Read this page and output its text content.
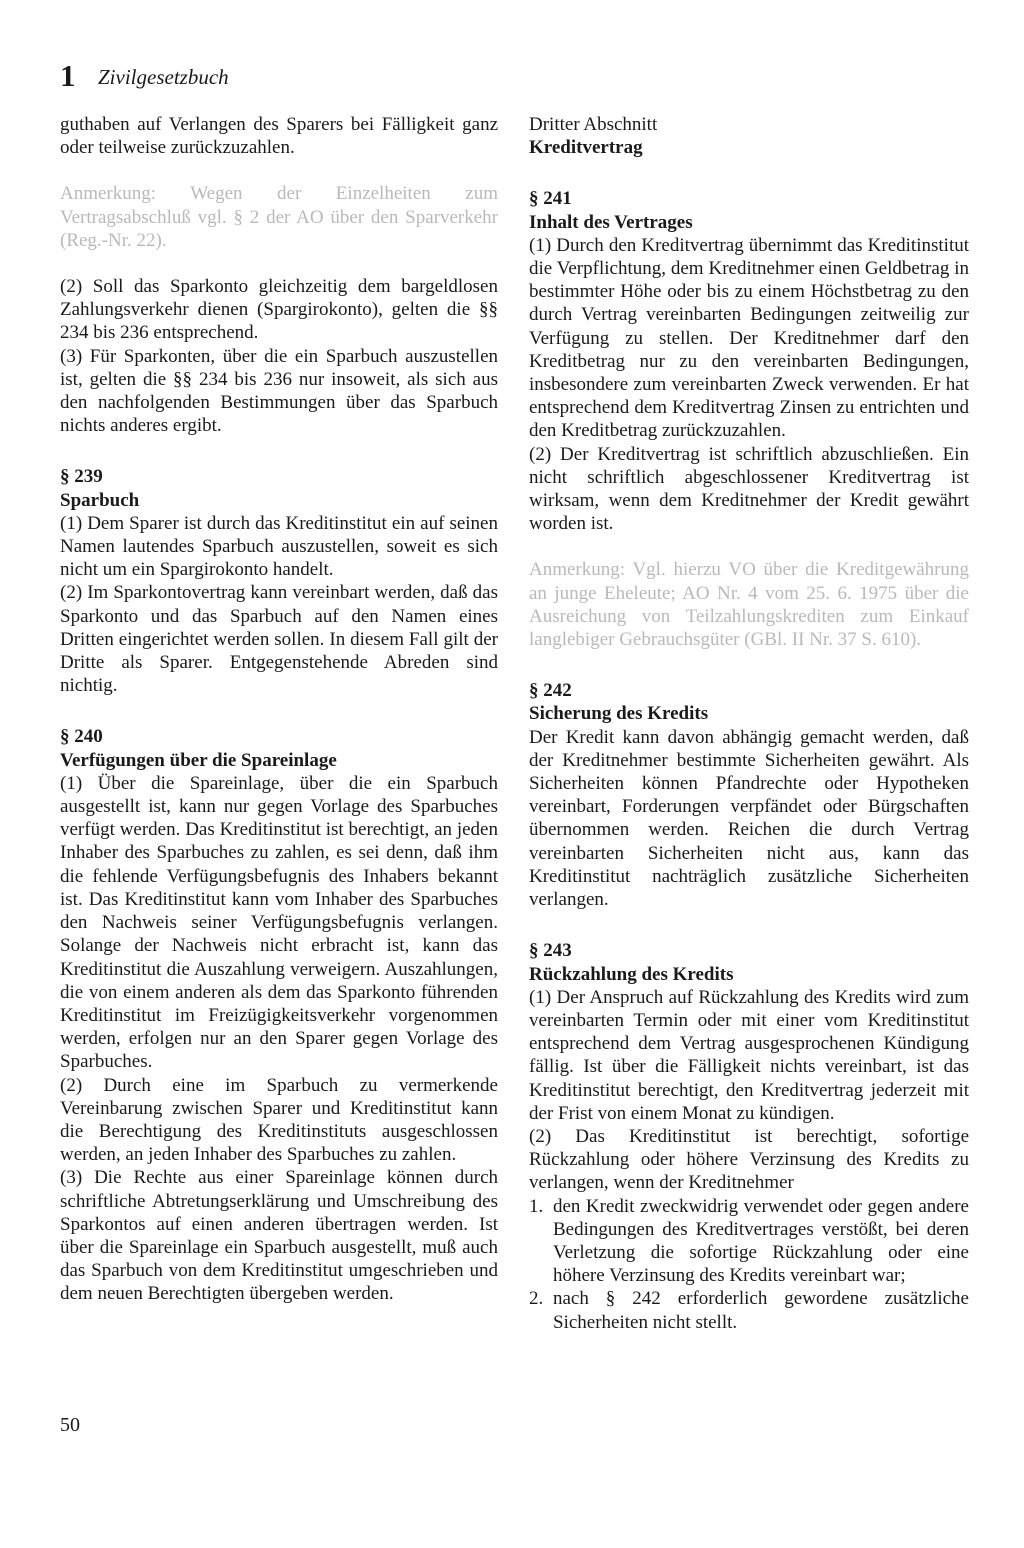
1 Zivilgesetzbuch

guthaben auf Verlangen des Sparers bei Fälligkeit ganz oder teilweise zurückzuzahlen.

Anmerkung: Wegen der Einzelheiten zum Vertragsabschluß vgl. § 2 der AO über den Sparverkehr (Reg.-Nr. 22).

(2) Soll das Sparkonto gleichzeitig dem bargeldlosen Zahlungsverkehr dienen (Spargirokonto), gelten die §§ 234 bis 236 entsprechend.

(3) Für Sparkonten, über die ein Sparbuch auszustellen ist, gelten die §§ 234 bis 236 nur insoweit, als sich aus den nachfolgenden Bestimmungen über das Sparbuch nichts anderes ergibt.

§ 239

Sparbuch

(1) Dem Sparer ist durch das Kreditinstitut ein auf seinen Namen lautendes Sparbuch auszustellen, soweit es sich nicht um ein Spargirokonto handelt.

(2) Im Sparkontovertrag kann vereinbart werden, daß das Sparkonto und das Sparbuch auf den Namen eines Dritten eingerichtet werden sollen. In diesem Fall gilt der Dritte als Sparer. Entgegenstehende Abreden sind nichtig.

§ 240

Verfügungen über die Spareinlage

(1) Über die Spareinlage, über die ein Sparbuch ausgestellt ist, kann nur gegen Vorlage des Sparbuches verfügt werden. Das Kreditinstitut ist berechtigt, an jeden Inhaber des Sparbuches zu zahlen, es sei denn, daß ihm die fehlende Verfügungsbefugnis des Inhabers bekannt ist. Das Kreditinstitut kann vom Inhaber des Sparbuches den Nachweis seiner Verfügungsbefugnis verlangen. Solange der Nachweis nicht erbracht ist, kann das Kreditinstitut die Auszahlung verweigern. Auszahlungen, die von einem anderen als dem das Sparkonto führenden Kreditinstitut im Freizügigkeitsverkehr vorgenommen werden, erfolgen nur an den Sparer gegen Vorlage des Sparbuches.

(2) Durch eine im Sparbuch zu vermerkende Vereinbarung zwischen Sparer und Kreditinstitut kann die Berechtigung des Kreditinstituts ausgeschlossen werden, an jeden Inhaber des Sparbuches zu zahlen.

(3) Die Rechte aus einer Spareinlage können durch schriftliche Abtretungserklärung und Umschreibung des Sparkontos auf einen anderen übertragen werden. Ist über die Spareinlage ein Sparbuch ausgestellt, muß auch das Sparbuch von dem Kreditinstitut umgeschrieben und dem neuen Berechtigten übergeben werden.

Dritter Abschnitt

Kreditvertrag

§ 241

Inhalt des Vertrages

(1) Durch den Kreditvertrag übernimmt das Kreditinstitut die Verpflichtung, dem Kreditnehmer einen Geldbetrag in bestimmter Höhe oder bis zu einem Höchstbetrag zu den durch Vertrag vereinbarten Bedingungen zeitweilig zur Verfügung zu stellen. Der Kreditnehmer darf den Kreditbetrag nur zu den vereinbarten Bedingungen, insbesondere zum vereinbarten Zweck verwenden. Er hat entsprechend dem Kreditvertrag Zinsen zu entrichten und den Kreditbetrag zurückzuzahlen.

(2) Der Kreditvertrag ist schriftlich abzuschließen. Ein nicht schriftlich abgeschlossener Kreditvertrag ist wirksam, wenn dem Kreditnehmer der Kredit gewährt worden ist.

Anmerkung: Vgl. hierzu VO über die Kreditgewährung an junge Eheleute; AO Nr. 4 vom 25. 6. 1975 über die Ausreichung von Teilzahlungskrediten zum Einkauf langlebiger Gebrauchsgüter (GBl. II Nr. 37 S. 610).

§ 242

Sicherung des Kredits

Der Kredit kann davon abhängig gemacht werden, daß der Kreditnehmer bestimmte Sicherheiten gewährt. Als Sicherheiten können Pfandrechte oder Hypotheken vereinbart, Forderungen verpfändet oder Bürgschaften übernommen werden. Reichen die durch Vertrag vereinbarten Sicherheiten nicht aus, kann das Kreditinstitut nachträglich zusätzliche Sicherheiten verlangen.

§ 243

Rückzahlung des Kredits

(1) Der Anspruch auf Rückzahlung des Kredits wird zum vereinbarten Termin oder mit einer vom Kreditinstitut entsprechend dem Vertrag ausgesprochenen Kündigung fällig. Ist über die Fälligkeit nichts vereinbart, ist das Kreditinstitut berechtigt, den Kreditvertrag jederzeit mit der Frist von einem Monat zu kündigen.

(2) Das Kreditinstitut ist berechtigt, sofortige Rückzahlung oder höhere Verzinsung des Kredits zu verlangen, wenn der Kreditnehmer

1. den Kredit zweckwidrig verwendet oder gegen andere Bedingungen des Kreditvertrages verstößt, bei deren Verletzung die sofortige Rückzahlung oder eine höhere Verzinsung des Kredits vereinbart war;

2. nach § 242 erforderlich gewordene zusätzliche Sicherheiten nicht stellt.

50
